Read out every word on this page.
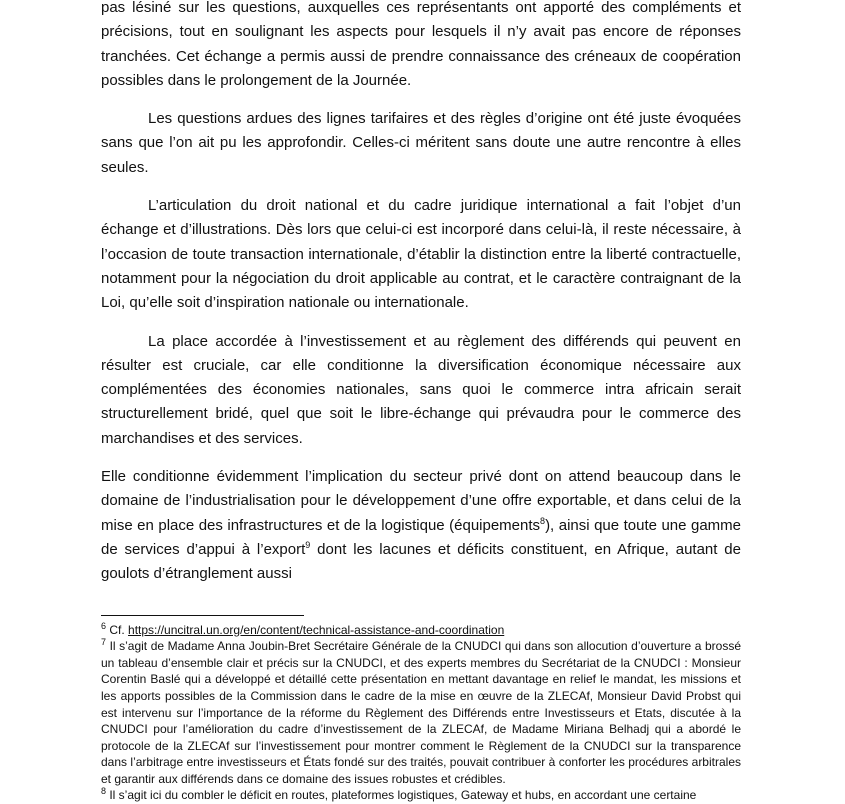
pas lésiné sur les questions, auxquelles ces représentants ont apporté des compléments et précisions, tout en soulignant les aspects pour lesquels il n’y avait pas encore de réponses tranchées. Cet échange a permis aussi de prendre connaissance des créneaux de coopération possibles dans le prolongement de la Journée.

Les questions ardues des lignes tarifaires et des règles d’origine ont été juste évoquées sans que l’on ait pu les approfondir. Celles-ci méritent sans doute une autre rencontre à elles seules.

L’articulation du droit national et du cadre juridique international a fait l’objet d’un échange et d’illustrations. Dès lors que celui-ci est incorporé dans celui-là, il reste nécessaire, à l’occasion de toute transaction internationale, d’établir la distinction entre la liberté contractuelle, notamment pour la négociation du droit applicable au contrat, et le caractère contraignant de la Loi, qu’elle soit d’inspiration nationale ou internationale.

La place accordée à l’investissement et au règlement des différends qui peuvent en résulter est cruciale, car elle conditionne la diversification économique nécessaire aux complémentées des économies nationales, sans quoi le commerce intra africain serait structurellement bridé, quel que soit le libre-échange qui prévaudra pour le commerce des marchandises et des services.

Elle conditionne évidemment l’implication du secteur privé dont on attend beaucoup dans le domaine de l’industrialisation pour le développement d’une offre exportable, et dans celui de la mise en place des infrastructures et de la logistique (équipements$^8$), ainsi que toute une gamme de services d’appui à l’export$^9$ dont les lacunes et déficits constituent, en Afrique, autant de goulots d’étranglement aussi

$^6$ Cf. https://uncitral.un.org/en/content/technical-assistance-and-coordination

$^7$ Il s’agit de Madame Anna Joubin-Bret Secrétaire Générale de la CNUDCI qui dans son allocution d’ouverture a brossé un tableau d’ensemble clair et précis sur la CNUDCI, et des experts membres du Secrétariat de la CNUDCI : Monsieur Corentin Baslé qui a développé et détaillé cette présentation en mettant davantage en relief le mandat, les missions et les apports possibles de la Commission dans le cadre de la mise en œuvre de la ZLECAf, Monsieur David Probst qui est intervenu sur l’importance de la réforme du Règlement des Différends entre Investisseurs et Etats, discutée à la CNUDCI pour l’amélioration du cadre d’investissement de la ZLECAf, de Madame Miriana Belhadj qui a abordé le protocole de la ZLECAf sur l’investissement pour montrer comment le Règlement de la CNUDCI sur la transparence dans l’arbitrage entre investisseurs et États fondé sur des traités, pouvait contribuer à conforter les procédures arbitrales et garantir aux différends dans ce domaine des issues robustes et crédibles.

$^8$ Il s’agit ici du combler le déficit en routes, plateformes logistiques, Gateway et hubs, en accordant une certaine
